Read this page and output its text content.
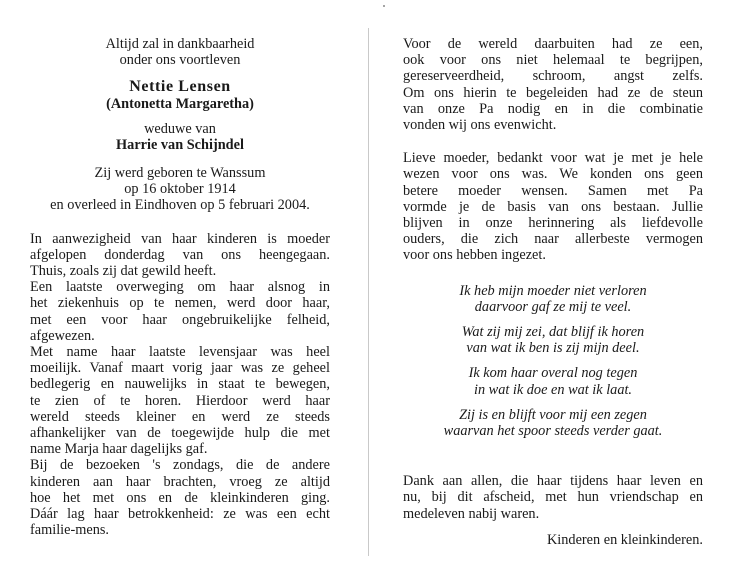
Altijd zal in dankbaarheid
onder ons voortleven
Nettie Lensen
(Antonetta Margaretha)
weduwe van
Harrie van Schijndel
Zij werd geboren te Wanssum
op 16 oktober 1914
en overleed in Eindhoven op 5 februari 2004.
In aanwezigheid van haar kinderen is moeder
afgelopen donderdag van ons heengegaan.
Thuis, zoals zij dat gewild heeft.
Een laatste overweging om haar alsnog in
het ziekenhuis op te nemen, werd door haar,
met een voor haar ongebruikelijke felheid,
afgewezen.
Met name haar laatste levensjaar was heel
moeilijk. Vanaf maart vorig jaar was ze geheel
bedlegerig en nauwelijks in staat te bewegen,
te zien of te horen. Hierdoor werd haar
wereld steeds kleiner en werd ze steeds
afhankelijker van de toegewijde hulp die met
name Marja haar dagelijks gaf.
Bij de bezoeken 's zondags, die de andere
kinderen aan haar brachten, vroeg ze altijd
hoe het met ons en de kleinkinderen ging.
Dáár lag haar betrokkenheid: ze was een echt
familie-mens.
Voor de wereld daarbuiten had ze een,
ook voor ons niet helemaal te begrijpen,
gereserveerdheid, schroom, angst zelfs.
Om ons hierin te begeleiden had ze de steun
van onze Pa nodig en in die combinatie
vonden wij ons evenwicht.
Lieve moeder, bedankt voor wat je met je hele
wezen voor ons was. We konden ons geen
betere moeder wensen. Samen met Pa
vormde je de basis van ons bestaan. Jullie
blijven in onze herinnering als liefdevolle
ouders, die zich naar allerbeste vermogen
voor ons hebben ingezet.
Ik heb mijn moeder niet verloren
daarvoor gaf ze mij te veel.
Wat zij mij zei, dat blijf ik horen
van wat ik ben is zij mijn deel.
Ik kom haar overal nog tegen
in wat ik doe en wat ik laat.
Zij is en blijft voor mij een zegen
waarvan het spoor steeds verder gaat.
Dank aan allen, die haar tijdens haar leven en
nu, bij dit afscheid, met hun vriendschap en
medeleven nabij waren.
Kinderen en kleinkinderen.
